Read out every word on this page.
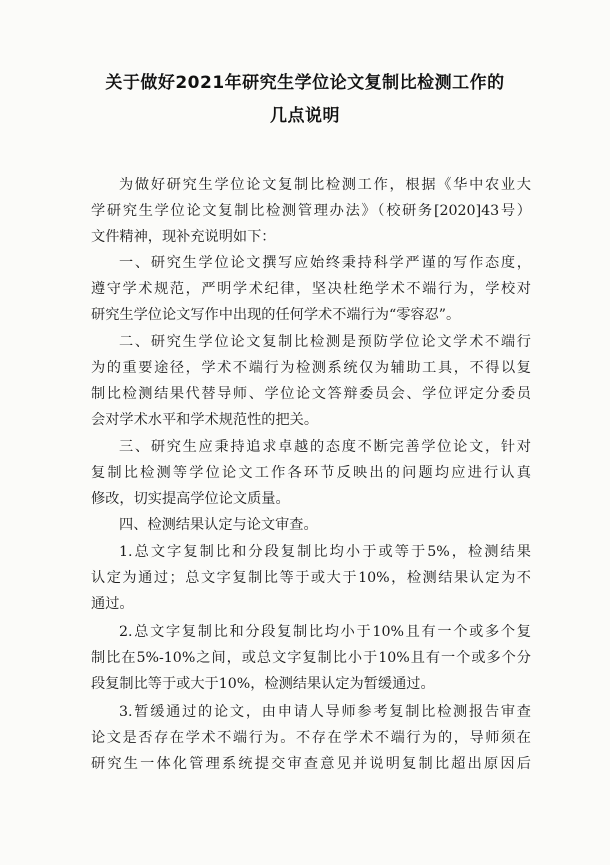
关于做好2021年研究生学位论文复制比检测工作的
几点说明
为做好研究生学位论文复制比检测工作，根据《华中农业大
学研究生学位论文复制比检测管理办法》（校研务[2020]43号）
文件精神，现补充说明如下：
一、研究生学位论文撰写应始终秉持科学严谨的写作态度，
遵守学术规范，严明学术纪律，坚决杜绝学术不端行为，学校对
研究生学位论文写作中出现的任何学术不端行为“零容忍”。
二、研究生学位论文复制比检测是预防学位论文学术不端行
为的重要途径，学术不端行为检测系统仅为辅助工具，不得以复
制比检测结果代替导师、学位论文答辩委员会、学位评定分委员
会对学术水平和学术规范性的把关。
三、研究生应秉持追求卓越的态度不断完善学位论文，针对
复制比检测等学位论文工作各环节反映出的问题均应进行认真
修改，切实提高学位论文质量。
四、检测结果认定与论文审查。
1.总文字复制比和分段复制比均小于或等于5%，检测结果
认定为通过；总文字复制比等于或大于10%，检测结果认定为不
通过。
2.总文字复制比和分段复制比均小于10%且有一个或多个复
制比在5%-10%之间，或总文字复制比小于10%且有一个或多个分
段复制比等于或大于10%，检测结果认定为暂缓通过。
3.暂缓通过的论文，由申请人导师参考复制比检测报告审查
论文是否存在学术不端行为。不存在学术不端行为的，导师须在
研究生一体化管理系统提交审查意见并说明复制比超出原因后
